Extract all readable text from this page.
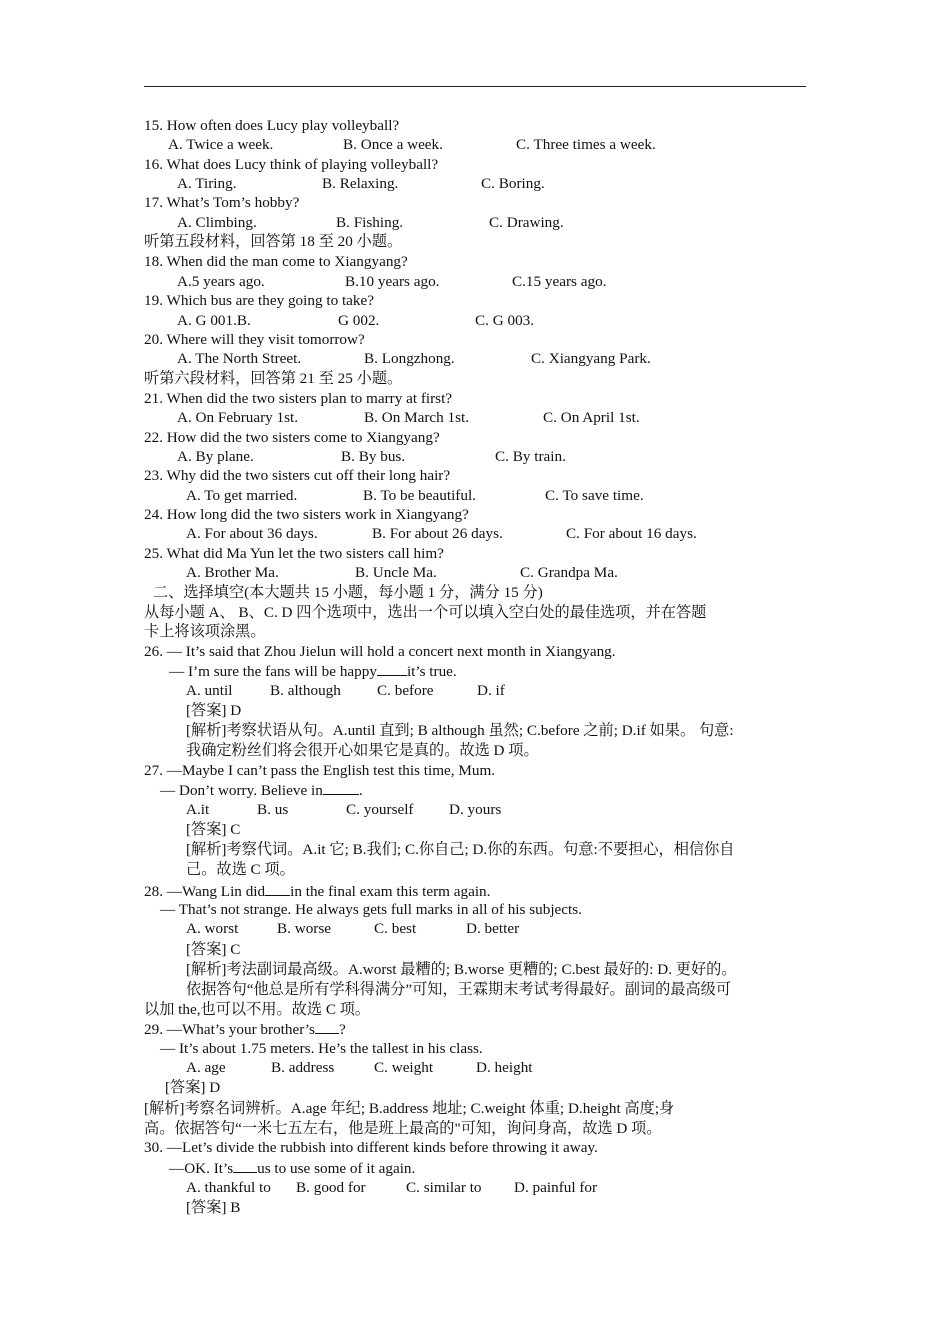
15. How often does Lucy play volleyball?
A. Twice a week.	B. Once a week.	C. Three times a week.
16. What does Lucy think of playing volleyball?
A. Tiring.	B. Relaxing.	C. Boring.
17. What’s Tom’s hobby?
A. Climbing.	B. Fishing.	C. Drawing.
听第五段材料，回答第 18 至 20 小题。
18. When did the man come to Xiangyang?
A.5 years ago.	B.10 years ago.	C.15 years ago.
19. Which bus are they going to take?
A. G 001.B.	G 002.	C. G 003.
20. Where will they visit tomorrow?
A. The North Street.	B. Longzhong.	C. Xiangyang Park.
听第六段材料，回答第 21 至 25 小题。
21. When did the two sisters plan to marry at first?
A. On February 1st.	B. On March 1st.	C. On April 1st.
22. How did the two sisters come to Xiangyang?
A. By plane.	B. By bus.	C. By train.
23. Why did the two sisters cut off their long hair?
A. To get married.	B. To be beautiful.	C. To save time.
24. How long did the two sisters work in Xiangyang?
A. For about 36 days.	B. For about 26 days.	C. For about 16 days.
25. What did Ma Yun let the two sisters call him?
A. Brother Ma.	B. Uncle Ma.	C. Grandpa Ma.
二、选择填空(本大题共 15 小题，每小题 1 分，满分 15 分)
从每小题 A、 B、C. D 四个选项中，选出一个可以填入空白处的最佳选项，并在答题
卡上将该项涂黑。
26. — It’s said that Zhou Jielun will hold a concert next month in Xiangyang.
— I’m sure the fans will be happy it’s true.
A. until B. although C. before	D. if
[答案] D
[解析]考察状语从句。A.until 直到; B although 虽然; C.before 之前; D.if 如果。 句意:
我确定粉丝们将会很开心如果它是真的。故选 D 项。
27. —Maybe I can’t pass the English test this time, Mum.
— Don’t worry. Believe in .
A.it	B. us	C. yourself D. yours
[答案] C
[解析]考察代词。A.it 它; B.我们; C.你自己; D.你的东西。句意:不要担心，相信你自
己。故选 C 项。
28. —Wang Lin did in the final exam this term again.
— That’s not strange. He always gets full marks in all of his subjects.
A. worst	B. worse	C. best	D. better
[答案] C
[解析]考法副词最高级。A.worst 最糟的; B.worse 更糟的; C.best 最好的: D. 更好的。
依据答句“他总是所有学科得满分”可知，王霖期末考试考得最好。副词的最高级可
以加 the,也可以不用。故选 C 项。
29. —What’s your brother’s ?
— It’s about 1.75 meters. He’s the tallest in his class.
A. age	B. address	C. weight	D. height
[答案] D
[解析]考察名词辨析。A.age 年纪; B.address 地址; C.weight 体重; D.height 高度;身
高。依据答句“一米七五左右，他是班上最高的"可知，询问身高，故选 D 项。
30. —Let’s divide the rubbish into different kinds before throwing it away.
—OK. It’s us to use some of it again.
A. thankful to B. good for	C. similar to D. painful for
[答案] B
